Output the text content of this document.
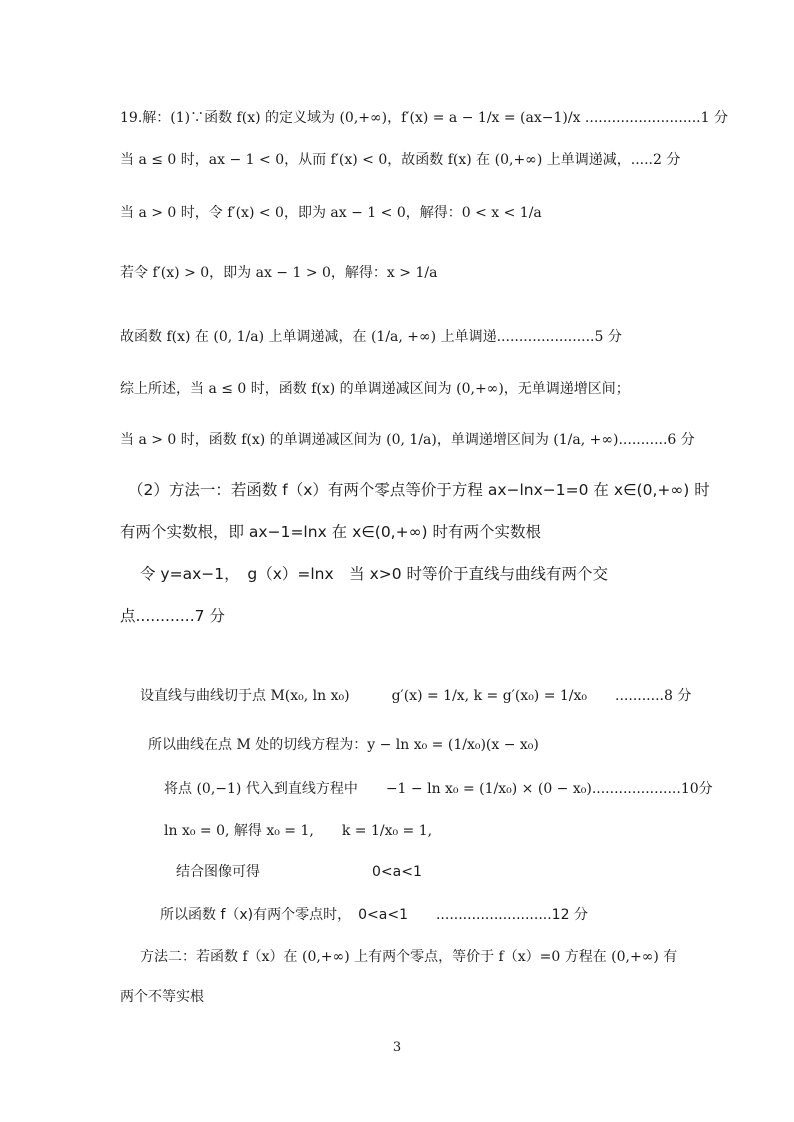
19.解：(1)∵函数 f(x) 的定义域为 (0,+∞)，f′(x) = a − 1/x = (ax−1)/x ..........................1 分
当 a ≤ 0 时，ax − 1 < 0，从而 f′(x) < 0，故函数 f(x) 在 (0,+∞) 上单调递减，.....2 分
当 a > 0 时，令 f′(x) < 0，即为 ax − 1 < 0，解得：0 < x < 1/a
若令 f′(x) > 0，即为 ax − 1 > 0，解得：x > 1/a
故函数 f(x) 在 (0, 1/a) 上单调递减，在 (1/a, +∞) 上单调递......................5 分
综上所述，当 a ≤ 0 时，函数 f(x) 的单调递减区间为 (0,+∞)，无单调递增区间；
当 a > 0 时，函数 f(x) 的单调递减区间为 (0, 1/a)，单调递增区间为 (1/a, +∞)...........6 分
（2）方法一：若函数 f（x）有两个零点等价于方程 ax−lnx−1=0 在 x∈(0,+∞) 时
有两个实数根，即 ax−1=lnx 在 x∈(0,+∞) 时有两个实数根
令 y=ax−1，　g（x）=lnx　当 x>0 时等价于直线与曲线有两个交
点............7 分
设直线与曲线切于点 M(x₀, ln x₀)　　　g′(x) = 1/x, k = g′(x₀) = 1/x₀　　...........8 分
所以曲线在点 M 处的切线方程为：y − ln x₀ = (1/x₀)(x − x₀)
将点 (0,−1) 代入到直线方程中　　−1 − ln x₀ = (1/x₀) × (0 − x₀)....................10分
ln x₀ = 0, 解得 x₀ = 1,　　k = 1/x₀ = 1,
结合图像可得　　　　　　　　0<a<1
所以函数 f（x)有两个零点时，　0<a<1　　..........................12 分
方法二：若函数 f（x）在 (0,+∞) 上有两个零点，等价于 f（x）=0 方程在 (0,+∞) 有
两个不等实根
3
